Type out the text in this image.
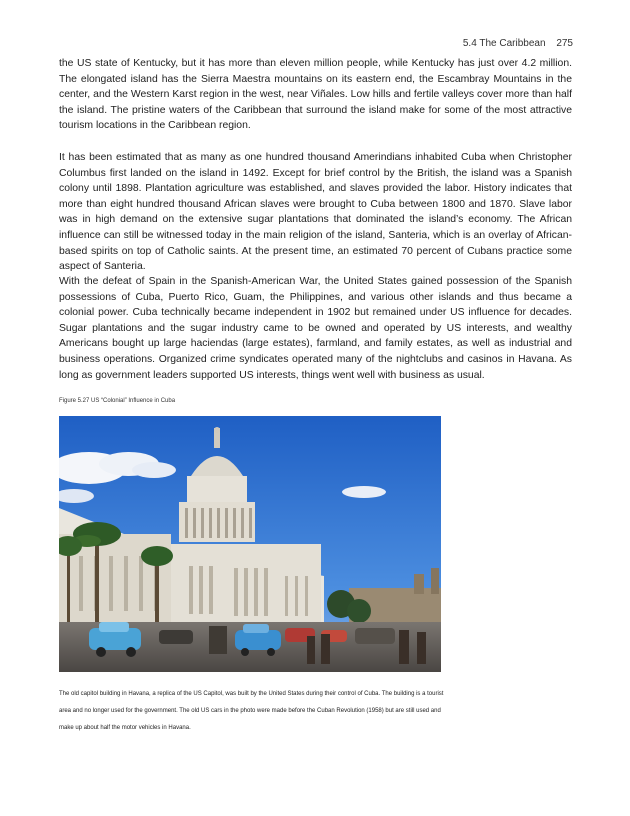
5.4 The Caribbean 275

the US state of Kentucky, but it has more than eleven million people, while Kentucky has just over 4.2 million. The elongated island has the Sierra Maestra mountains on its eastern end, the Escambray Mountains in the center, and the Western Karst region in the west, near Viñales. Low hills and fertile valleys cover more than half the island. The pristine waters of the Caribbean that surround the island make for some of the most attractive tourism locations in the Caribbean region.

It has been estimated that as many as one hundred thousand Amerindians inhabited Cuba when Christopher Columbus first landed on the island in 1492. Except for brief control by the British, the island was a Spanish colony until 1898. Plantation agriculture was established, and slaves provided the labor. History indicates that more than eight hundred thousand African slaves were brought to Cuba between 1800 and 1870. Slave labor was in high demand on the extensive sugar plantations that dominated the island’s economy. The African influence can still be witnessed today in the main religion of the island, Santeria, which is an overlay of African-based spirits on top of Catholic saints. At the present time, an estimated 70 percent of Cubans practice some aspect of Santeria.

With the defeat of Spain in the Spanish-American War, the United States gained possession of the Spanish possessions of Cuba, Puerto Rico, Guam, the Philippines, and various other islands and thus became a colonial power. Cuba technically became independent in 1902 but remained under US influence for decades. Sugar plantations and the sugar industry came to be owned and operated by US interests, and wealthy Americans bought up large haciendas (large estates), farmland, and family estates, as well as industrial and business operations. Organized crime syndicates operated many of the nightclubs and casinos in Havana. As long as government leaders supported US interests, things went well with business as usual.

Figure 5.27 US “Colonial” Influence in Cuba
The old capitol building in Havana, a replica of the US Capitol, was built by the United States during their control of Cuba. The building is a tourist area and no longer used for the government. The old US cars in the photo were made before the Cuban Revolution (1958) but are still used and make up about half the motor vehicles in Havana.
